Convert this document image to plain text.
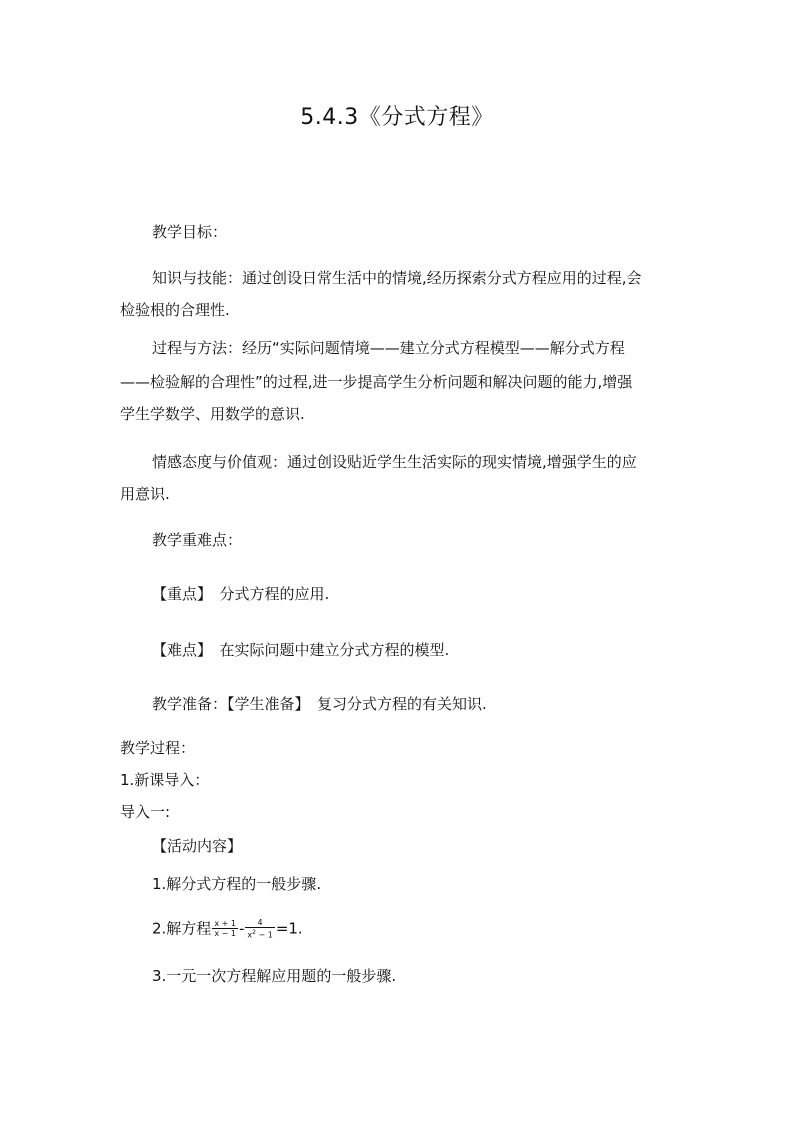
5.4.3《分式方程》
教学目标：
知识与技能：通过创设日常生活中的情境,经历探索分式方程应用的过程,会
检验根的合理性.
过程与方法：经历“实际问题情境——建立分式方程模型——解分式方程
——检验解的合理性”的过程,进一步提高学生分析问题和解决问题的能力,增强
学生学数学、用数学的意识.
情感态度与价值观：通过创设贴近学生生活实际的现实情境,增强学生的应
用意识.
教学重难点：
【重点】　分式方程的应用.
【难点】　在实际问题中建立分式方程的模型.
教学准备：【学生准备】　复习分式方程的有关知识.
教学过程：
1.新课导入：
导入一:
【活动内容】
1.解分式方程的一般步骤.
2.解方程 $\frac{x + 1}{x - 1} - \frac{4}{x^2 - 1} =1$.
3.一元一次方程解应用题的一般步骤.
